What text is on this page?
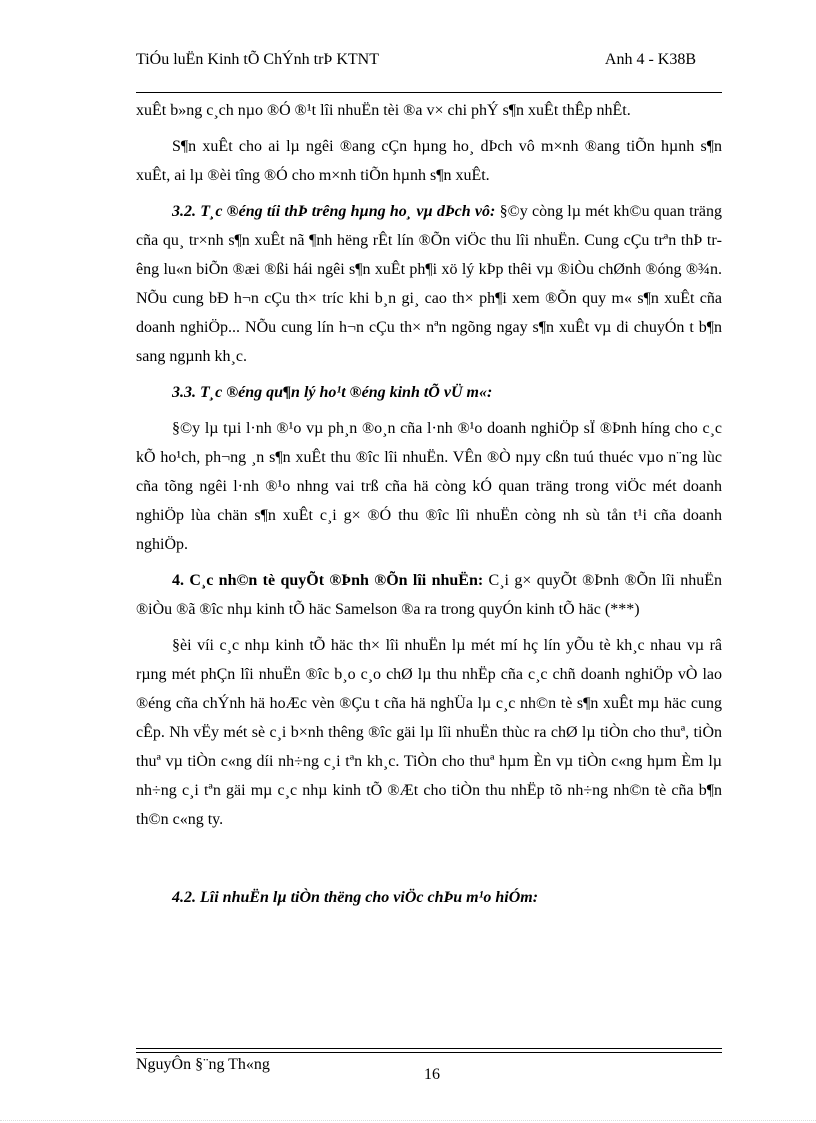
TiÓu luËn Kinh tÕ ChÝnh trÞ KTNT	Anh 4 - K38B

xuÊt b»ng c¸ch nµo ®Ó ®¹t lîi nhuËn tèi ®a v× chi phÝ s¶n xuÊt thÊp nhÊt.

S¶n xuÊt cho ai lµ ngêi ®ang cÇn hµng ho¸ dÞch vô m×nh ®ang tiÕn hµnh s¶n xuÊt, ai lµ ®èi tîng ®Ó cho m×nh tiÕn hµnh s¶n xuÊt.

3.2. T¸c ®éng tíi thÞ trêng hµng ho¸ vµ dÞch vô: §©y còng lµ mét kh©u quan träng cña qu¸ tr×nh s¶n xuÊt nã ¶nh hëng rÊt lín ®Õn viÖc thu lîi nhuËn. Cung cÇu trªn thÞ trêng lu«n biÕn ®æi ®ßi hái ngêi s¶n xuÊt ph¶i xö lý kÞp thêi vµ ®iÒu chØnh ®óng ®¾n. NÕu cung bÐ h¬n cÇu th× tríc khi b¸n gi¸ cao th× ph¶i xem ®Õn quy m« s¶n xuÊt cña doanh nghiÖp... NÕu cung lín h¬n cÇu th× nªn ngõng ngay s¶n xuÊt vµ di chuyÓn t b¶n sang ngµnh kh¸c.

3.3. T¸c ®éng qu¶n lý ho¹t ®éng kinh tÕ vÜ m«:

§©y lµ tµi l·nh ®¹o vµ ph¸n ®o¸n cña l·nh ®¹o doanh nghiÖp sÏ ®Þnh híng cho c¸c kÕ ho¹ch, ph¬ng ¸n s¶n xuÊt thu ®îc lîi nhuËn. VÊn ®Ò nµy cßn tuú thuéc vµo n¨ng lùc cña tõng ngêi l·nh ®¹o nhng vai trß cña hä còng kÓ quan träng trong viÖc mét doanh nghiÖp lùa chän s¶n xuÊt c¸i g× ®Ó thu ®îc lîi nhuËn còng nh sù tån t¹i cña doanh nghiÖp.

4. C¸c nh©n tè quyÕt ®Þnh ®Õn lîi nhuËn: C¸i g× quyÕt ®Þnh ®Õn lîi nhuËn ®iÒu ®ã ®îc nhµ kinh tÕ häc Samelson ®a ra trong quyÓn kinh tÕ häc (***)

§èi víi c¸c nhµ kinh tÕ häc th× lîi nhuËn lµ mét mí hç lín yÕu tè kh¸c nhau vµ râ rµng mét phÇn lîi nhuËn ®îc b¸o c¸o chØ lµ thu nhËp cña c¸c chñ doanh nghiÖp vÒ lao ®éng cña chÝnh hä hoÆc vèn ®Çu t cña hä nghÜa lµ c¸c nh©n tè s¶n xuÊt mµ häc cung cÊp. Nh vËy mét sè c¸i b×nh thêng ®îc gäi lµ lîi nhuËn thùc ra chØ lµ tiÒn cho thuª, tiÒn thuª vµ tiÒn c«ng díi nh÷ng c¸i tªn kh¸c. TiÒn cho thuª hµm Èn vµ tiÒn c«ng hµm Èm lµ nh÷ng c¸i tªn gäi mµ c¸c nhµ kinh tÕ ®Æt cho tiÒn thu nhËp tõ nh÷ng nh©n tè cña b¶n th©n c«ng ty.

4.2. Lîi nhuËn lµ tiÒn thëng cho viÖc chÞu m¹o hiÓm:

NguyÔn §¨ng Th«ng
16
